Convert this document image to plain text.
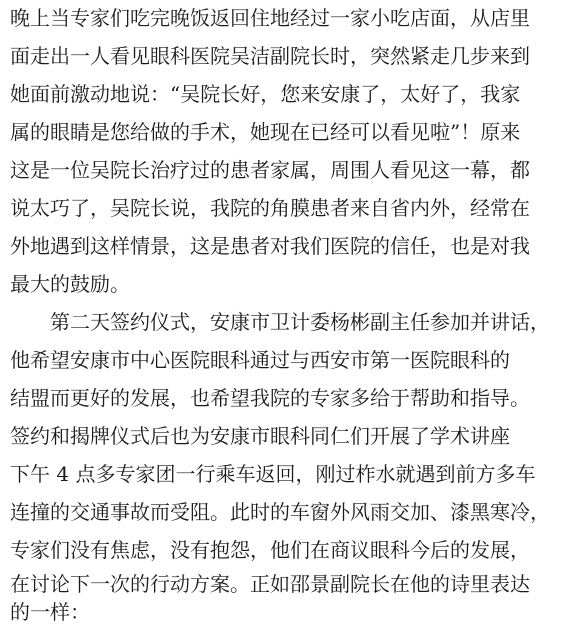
晚上当专家们吃完晚饭返回住地经过一家小吃店面，从店里
面走出一人看见眼科医院吴洁副院长时，突然紧走几步来到
她面前激动地说：“吴院长好，您来安康了，太好了，我家
属的眼睛是您给做的手术，她现在已经可以看见啦”！原来
这是一位吴院长治疗过的患者家属，周围人看见这一幕，都
说太巧了，吴院长说，我院的角膜患者来自省内外，经常在
外地遇到这样情景，这是患者对我们医院的信任，也是对我
最大的鼓励。
第二天签约仪式，安康市卫计委杨彬副主任参加并讲话，
他希望安康市中心医院眼科通过与西安市第一医院眼科的
结盟而更好的发展，也希望我院的专家多给于帮助和指导。
签约和揭牌仪式后也为安康市眼科同仁们开展了学术讲座
下午 4 点多专家团一行乘车返回，刚过柞水就遇到前方多车
连撞的交通事故而受阻。此时的车窗外风雨交加、漆黑寒冷，
专家们没有焦虑，没有抱怨，他们在商议眼科今后的发展，
在讨论下一次的行动方案。正如邵景副院长在他的诗里表达
的一样：
